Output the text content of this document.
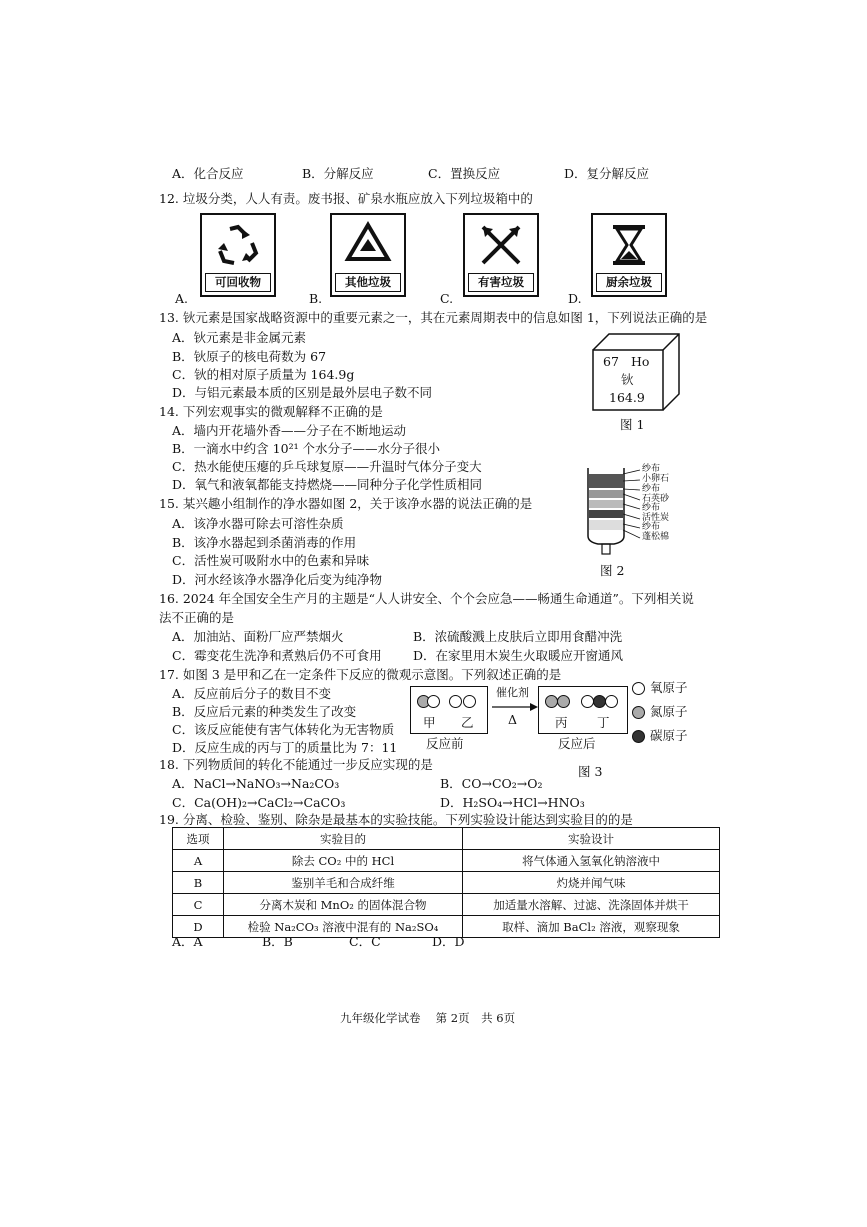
A．化合反应	B．分解反应	C．置换反应	D．复分解反应
12. 垃圾分类，人人有责。废书报、矿泉水瓶应放入下列垃圾箱中的
A.	B.	C.	D.
可回收物	其他垃圾	有害垃圾	厨余垃圾
13. 钬元素是国家战略资源中的重要元素之一，其在元素周期表中的信息如图 1，下列说法正确的是
A．钬元素是非金属元素
B．钬原子的核电荷数为 67
C．钬的相对原子质量为 164.9g
D．与铝元素最本质的区别是最外层电子数不同
67 Ho
钬
164.9
图 1
14. 下列宏观事实的微观解释不正确的是
A．墙内开花墙外香——分子在不断地运动
B．一滴水中约含 10²¹ 个水分子——水分子很小
C．热水能使压瘪的乒乓球复原——升温时气体分子变大
D．氧气和液氧都能支持燃烧——同种分子化学性质相同
15. 某兴趣小组制作的净水器如图 2，关于该净水器的说法正确的是
A．该净水器可除去可溶性杂质
B．该净水器起到杀菌消毒的作用
C．活性炭可吸附水中的色素和异味
D．河水经该净水器净化后变为纯净物
纱布
小卵石
纱布
石英砂
纱布
活性炭
纱布
蓬松棉
图 2
16. 2024 年全国安全生产月的主题是“人人讲安全、个个会应急——畅通生命通道”。下列相关说
法不正确的是
A．加油站、面粉厂应严禁烟火	B．浓硫酸溅上皮肤后立即用食醋冲洗
C．霉变花生洗净和煮熟后仍不可食用	D．在家里用木炭生火取暖应开窗通风
17. 如图 3 是甲和乙在一定条件下反应的微观示意图。下列叙述正确的是
A．反应前后分子的数目不变
B．反应后元素的种类发生了改变
C．该反应能使有害气体转化为无害物质
D．反应生成的丙与丁的质量比为 7：11
甲 乙
催化剂
Δ	丙 丁
反应前	反应后
氧原子
氮原子
碳原子
图 3
18. 下列物质间的转化不能通过一步反应实现的是
A．NaCl→NaNO₃→Na₂CO₃	B．CO→CO₂→O₂
C．Ca(OH)₂→CaCl₂→CaCO₃	D．H₂SO₄→HCl→HNO₃
19. 分离、检验、鉴别、除杂是最基本的实验技能。下列实验设计能达到实验目的的是
选项	实验目的	实验设计
A	除去 CO₂ 中的 HCl	将气体通入氢氧化钠溶液中
B	鉴别羊毛和合成纤维	灼烧并闻气味
C	分离木炭和 MnO₂ 的固体混合物	加适量水溶解、过滤、洗涤固体并烘干
D	检验 Na₂CO₃ 溶液中混有的 Na₂SO₄	取样、滴加 BaCl₂ 溶液，观察现象
A．A	B．B	C．C	D．D
九年级化学试卷　 第 2页　共 6页
